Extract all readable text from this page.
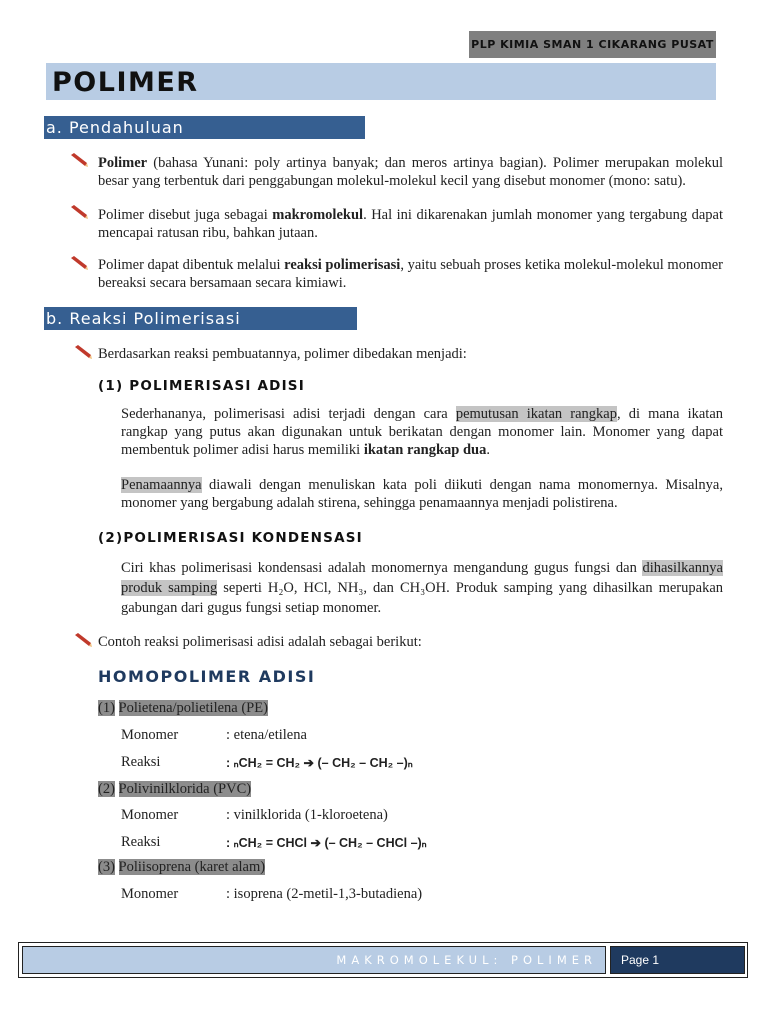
PLP KIMIA SMAN 1 CIKARANG PUSAT
POLIMER
a. Pendahuluan
Polimer (bahasa Yunani: poly artinya banyak; dan meros artinya bagian). Polimer merupakan molekul besar yang terbentuk dari penggabungan molekul-molekul kecil yang disebut monomer (mono: satu).
Polimer disebut juga sebagai makromolekul. Hal ini dikarenakan jumlah monomer yang tergabung dapat mencapai ratusan ribu, bahkan jutaan.
Polimer dapat dibentuk melalui reaksi polimerisasi, yaitu sebuah proses ketika molekul-molekul monomer bereaksi secara bersamaan secara kimiawi.
b. Reaksi Polimerisasi
Berdasarkan reaksi pembuatannya, polimer dibedakan menjadi:
(1) POLIMERISASI ADISI
Sederhananya, polimerisasi adisi terjadi dengan cara pemutusan ikatan rangkap, di mana ikatan rangkap yang putus akan digunakan untuk berikatan dengan monomer lain. Monomer yang dapat membentuk polimer adisi harus memiliki ikatan rangkap dua.
Penamaannya diawali dengan menuliskan kata poli diikuti dengan nama monomernya. Misalnya, monomer yang bergabung adalah stirena, sehingga penamaannya menjadi polistirena.
(2)POLIMERISASI KONDENSASI
Ciri khas polimerisasi kondensasi adalah monomernya mengandung gugus fungsi dan dihasilkannya produk samping seperti H₂O, HCl, NH₃, dan CH₃OH. Produk samping yang dihasilkan merupakan gabungan dari gugus fungsi setiap monomer.
Contoh reaksi polimerisasi adisi adalah sebagai berikut:
HOMOPOLIMER ADISI
(1) Polietena/polietilena (PE)
Monomer	: etena/etilena
Reaksi	: ₙCH₂ = CH₂ ➔ (– CH₂ – CH₂ –)ₙ
(2) Polivinilklorida (PVC)
Monomer	: vinilklorida (1-kloroetena)
Reaksi	: ₙCH₂ = CHCl ➔ (– CH₂ – CHCl –)ₙ
(3) Poliisoprena (karet alam)
Monomer	: isoprena (2-metil-1,3-butadiena)
MAKROMOLEKUL: POLIMER	Page 1
